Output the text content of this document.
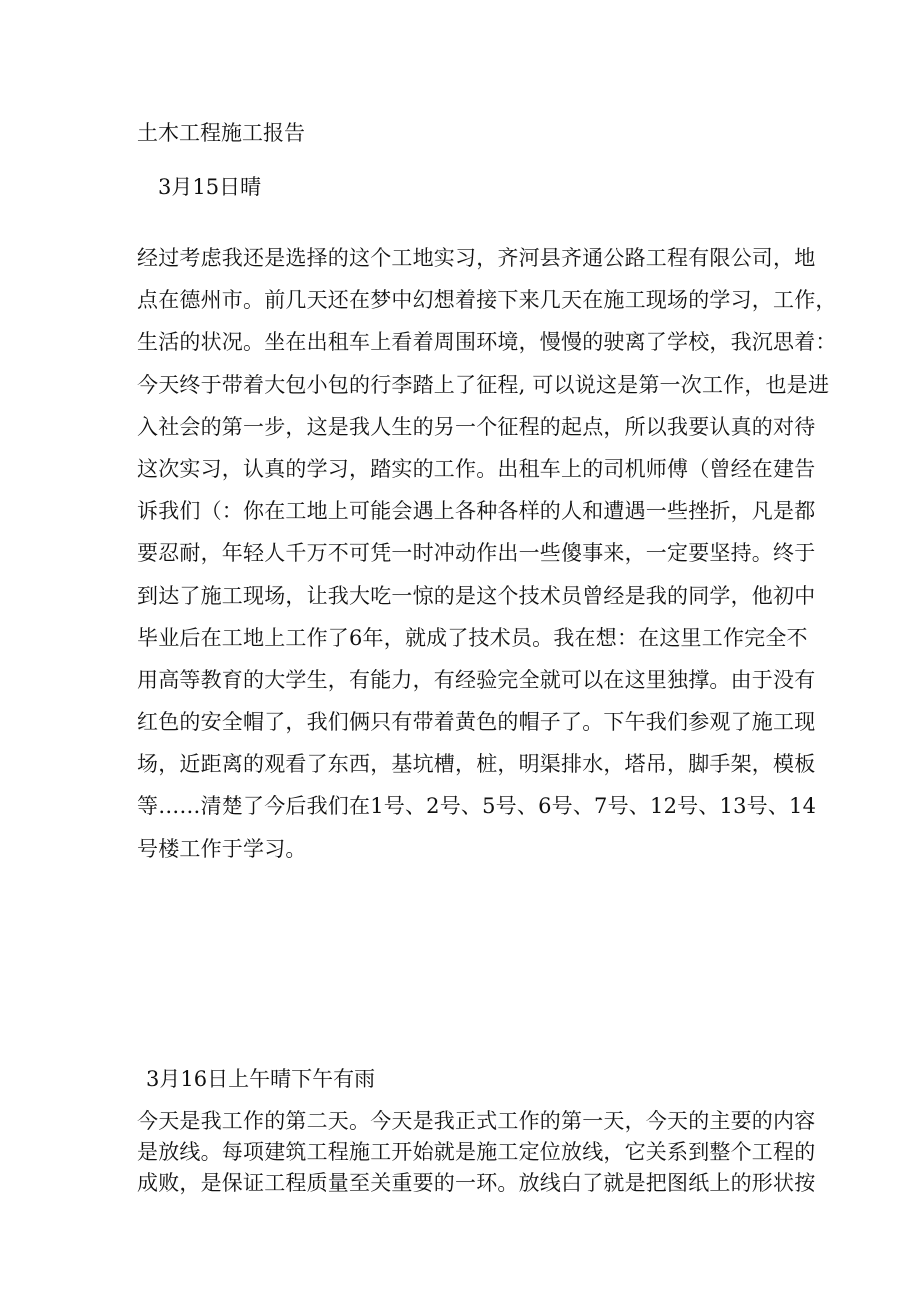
土木工程施工报告
3月15日晴
经过考虑我还是选择的这个工地实习，齐河县齐通公路工程有限公司，地
点在德州市。前几天还在梦中幻想着接下来几天在施工现场的学习，工作，
生活的状况。坐在出租车上看着周围环境，慢慢的驶离了学校，我沉思着：
今天终于带着大包小包的行李踏上了征程, 可以说这是第一次工作，也是进
入社会的第一步，这是我人生的另一个征程的起点，所以我要认真的对待
这次实习，认真的学习，踏实的工作。出租车上的司机师傅（曾经在建告
诉我们（：你在工地上可能会遇上各种各样的人和遭遇一些挫折，凡是都
要忍耐，年轻人千万不可凭一时冲动作出一些傻事来，一定要坚持。终于
到达了施工现场，让我大吃一惊的是这个技术员曾经是我的同学，他初中
毕业后在工地上工作了6年，就成了技术员。我在想：在这里工作完全不
用高等教育的大学生，有能力，有经验完全就可以在这里独撑。由于没有
红色的安全帽了，我们俩只有带着黄色的帽子了。下午我们参观了施工现
场，近距离的观看了东西，基坑槽，桩，明渠排水，塔吊，脚手架，模板
等……清楚了今后我们在1号、2号、5号、6号、7号、12号、13号、14
号楼工作于学习。
3月16日上午晴下午有雨
今天是我工作的第二天。今天是我正式工作的第一天，今天的主要的内容
是放线。每项建筑工程施工开始就是施工定位放线，它关系到整个工程的
成败，是保证工程质量至关重要的一环。放线白了就是把图纸上的形状按
